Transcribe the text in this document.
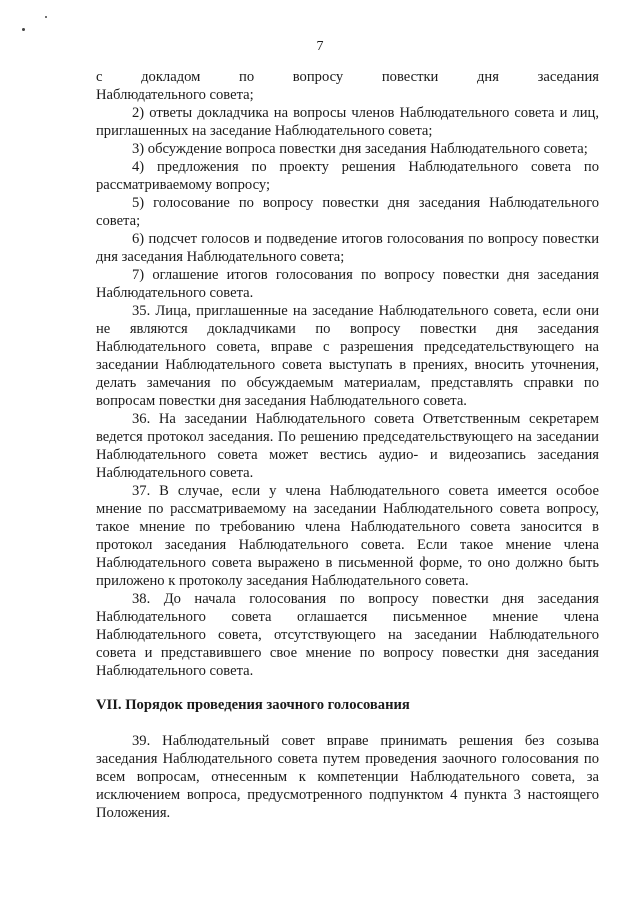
7

с докладом по вопросу повестки дня заседания

Наблюдательного совета;

2) ответы докладчика на вопросы членов Наблюдательного совета и лиц, приглашенных на заседание Наблюдательного совета;

3) обсуждение вопроса повестки дня заседания Наблюдательного совета;

4) предложения по проекту решения Наблюдательного совета по рассматриваемому вопросу;

5) голосование по вопросу повестки дня заседания Наблюдательного совета;

6) подсчет голосов и подведение итогов голосования по вопросу повестки дня заседания Наблюдательного совета;

7) оглашение итогов голосования по вопросу повестки дня заседания Наблюдательного совета.

35. Лица, приглашенные на заседание Наблюдательного совета, если они не являются докладчиками по вопросу повестки дня заседания Наблюдательного совета, вправе с разрешения председательствующего на заседании Наблюдательного совета выступать в прениях, вносить уточнения, делать замечания по обсуждаемым материалам, представлять справки по вопросам повестки дня заседания Наблюдательного совета.

36. На заседании Наблюдательного совета Ответственным секретарем ведется протокол заседания. По решению председательствующего на заседании Наблюдательного совета может вестись аудио- и видеозапись заседания Наблюдательного совета.

37. В случае, если у члена Наблюдательного совета имеется особое мнение по рассматриваемому на заседании Наблюдательного совета вопросу, такое мнение по требованию члена Наблюдательного совета заносится в протокол заседания Наблюдательного совета. Если такое мнение члена Наблюдательного совета выражено в письменной форме, то оно должно быть приложено к протоколу заседания Наблюдательного совета.

38. До начала голосования по вопросу повестки дня заседания Наблюдательного совета оглашается письменное мнение члена Наблюдательного совета, отсутствующего на заседании Наблюдательного совета и представившего свое мнение по вопросу повестки дня заседания Наблюдательного совета.

VII. Порядок проведения заочного голосования

39. Наблюдательный совет вправе принимать решения без созыва заседания Наблюдательного совета путем проведения заочного голосования по всем вопросам, отнесенным к компетенции Наблюдательного совета, за исключением вопроса, предусмотренного подпунктом 4 пункта 3 настоящего Положения.
